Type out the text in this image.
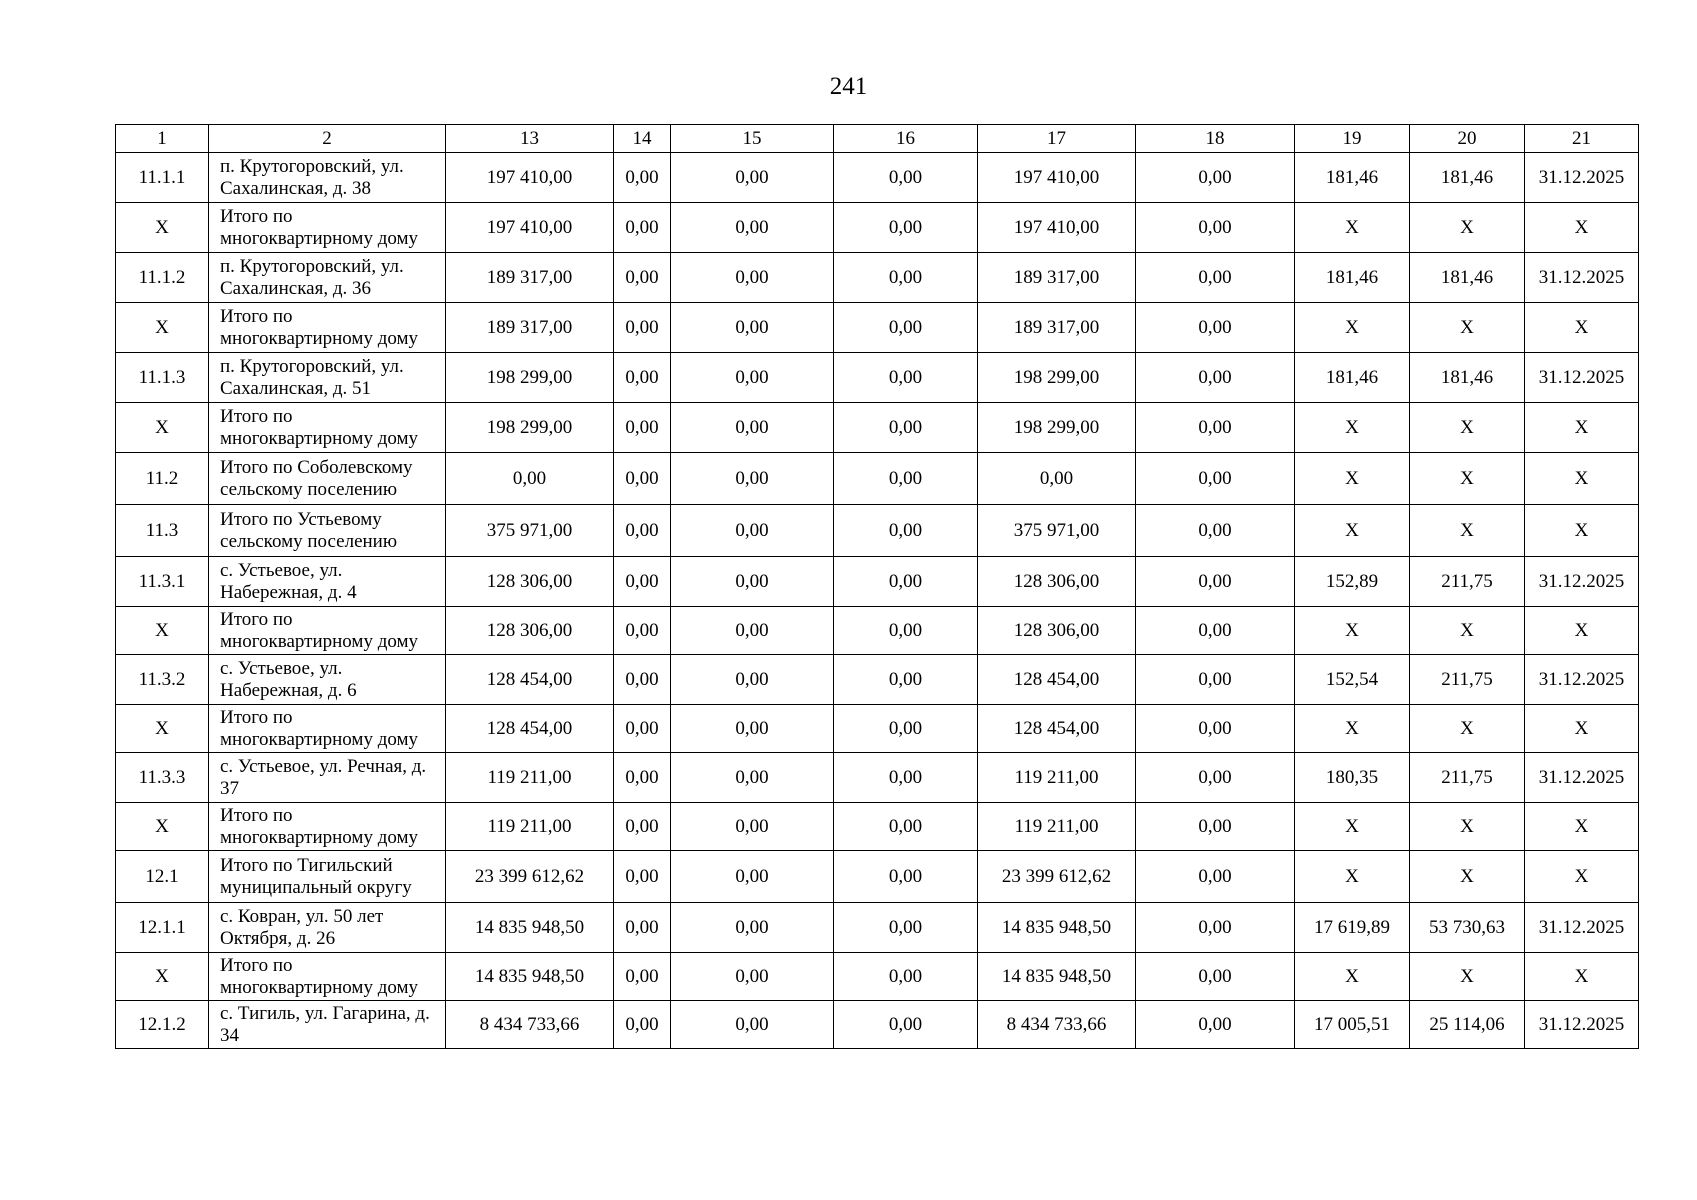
241
1	2	13	14	15	16	17	18	19	20	21
11.1.1	п. Крутогоровский, ул. Сахалинская, д. 38	197 410,00	0,00	0,00	0,00	197 410,00	0,00	181,46	181,46	31.12.2025
X	Итого по многоквартирному дому	197 410,00	0,00	0,00	0,00	197 410,00	0,00	X	X	X
11.1.2	п. Крутогоровский, ул. Сахалинская, д. 36	189 317,00	0,00	0,00	0,00	189 317,00	0,00	181,46	181,46	31.12.2025
X	Итого по многоквартирному дому	189 317,00	0,00	0,00	0,00	189 317,00	0,00	X	X	X
11.1.3	п. Крутогоровский, ул. Сахалинская, д. 51	198 299,00	0,00	0,00	0,00	198 299,00	0,00	181,46	181,46	31.12.2025
X	Итого по многоквартирному дому	198 299,00	0,00	0,00	0,00	198 299,00	0,00	X	X	X
11.2	Итого по Соболевскому сельскому поселению	0,00	0,00	0,00	0,00	0,00	0,00	X	X	X
11.3	Итого по Устьевому сельскому поселению	375 971,00	0,00	0,00	0,00	375 971,00	0,00	X	X	X
11.3.1	с. Устьевое, ул. Набережная, д. 4	128 306,00	0,00	0,00	0,00	128 306,00	0,00	152,89	211,75	31.12.2025
X	Итого по многоквартирному дому	128 306,00	0,00	0,00	0,00	128 306,00	0,00	X	X	X
11.3.2	с. Устьевое, ул. Набережная, д. 6	128 454,00	0,00	0,00	0,00	128 454,00	0,00	152,54	211,75	31.12.2025
X	Итого по многоквартирному дому	128 454,00	0,00	0,00	0,00	128 454,00	0,00	X	X	X
11.3.3	с. Устьевое, ул. Речная, д. 37	119 211,00	0,00	0,00	0,00	119 211,00	0,00	180,35	211,75	31.12.2025
X	Итого по многоквартирному дому	119 211,00	0,00	0,00	0,00	119 211,00	0,00	X	X	X
12.1	Итого по Тигильский муниципальный округу	23 399 612,62	0,00	0,00	0,00	23 399 612,62	0,00	X	X	X
12.1.1	с. Ковран, ул. 50 лет Октября, д. 26	14 835 948,50	0,00	0,00	0,00	14 835 948,50	0,00	17 619,89	53 730,63	31.12.2025
X	Итого по многоквартирному дому	14 835 948,50	0,00	0,00	0,00	14 835 948,50	0,00	X	X	X
12.1.2	с. Тигиль, ул. Гагарина, д. 34	8 434 733,66	0,00	0,00	0,00	8 434 733,66	0,00	17 005,51	25 114,06	31.12.2025
